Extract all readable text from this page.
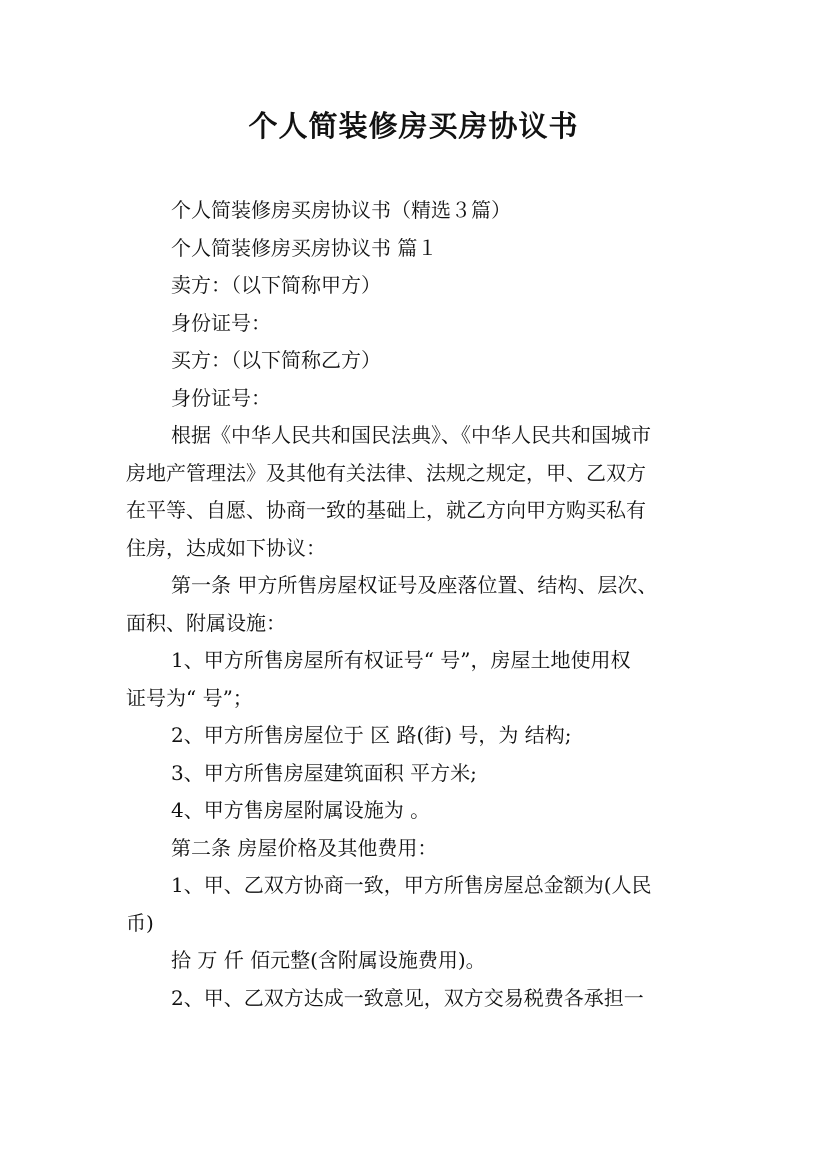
个人简装修房买房协议书
个人简装修房买房协议书（精选３篇）
个人简装修房买房协议书 篇１
卖方：（以下简称甲方）
身份证号：
买方：（以下简称乙方）
身份证号：
根据《中华人民共和国民法典》、《中华人民共和国城市
房地产管理法》及其他有关法律、法规之规定，甲、乙双方
在平等、自愿、协商一致的基础上，就乙方向甲方购买私有
住房，达成如下协议：
第一条 甲方所售房屋权证号及座落位置、结构、层次、
面积、附属设施：
1、甲方所售房屋所有权证号“ 号”，房屋土地使用权
证号为“ 号”；
2、甲方所售房屋位于 区 路(街) 号，为 结构;
3、甲方所售房屋建筑面积 平方米;
4、甲方售房屋附属设施为 。
第二条 房屋价格及其他费用：
1、甲、乙双方协商一致，甲方所售房屋总金额为(人民
币)
拾 万 仟 佰元整(含附属设施费用)。
2、甲、乙双方达成一致意见，双方交易税费各承担一
